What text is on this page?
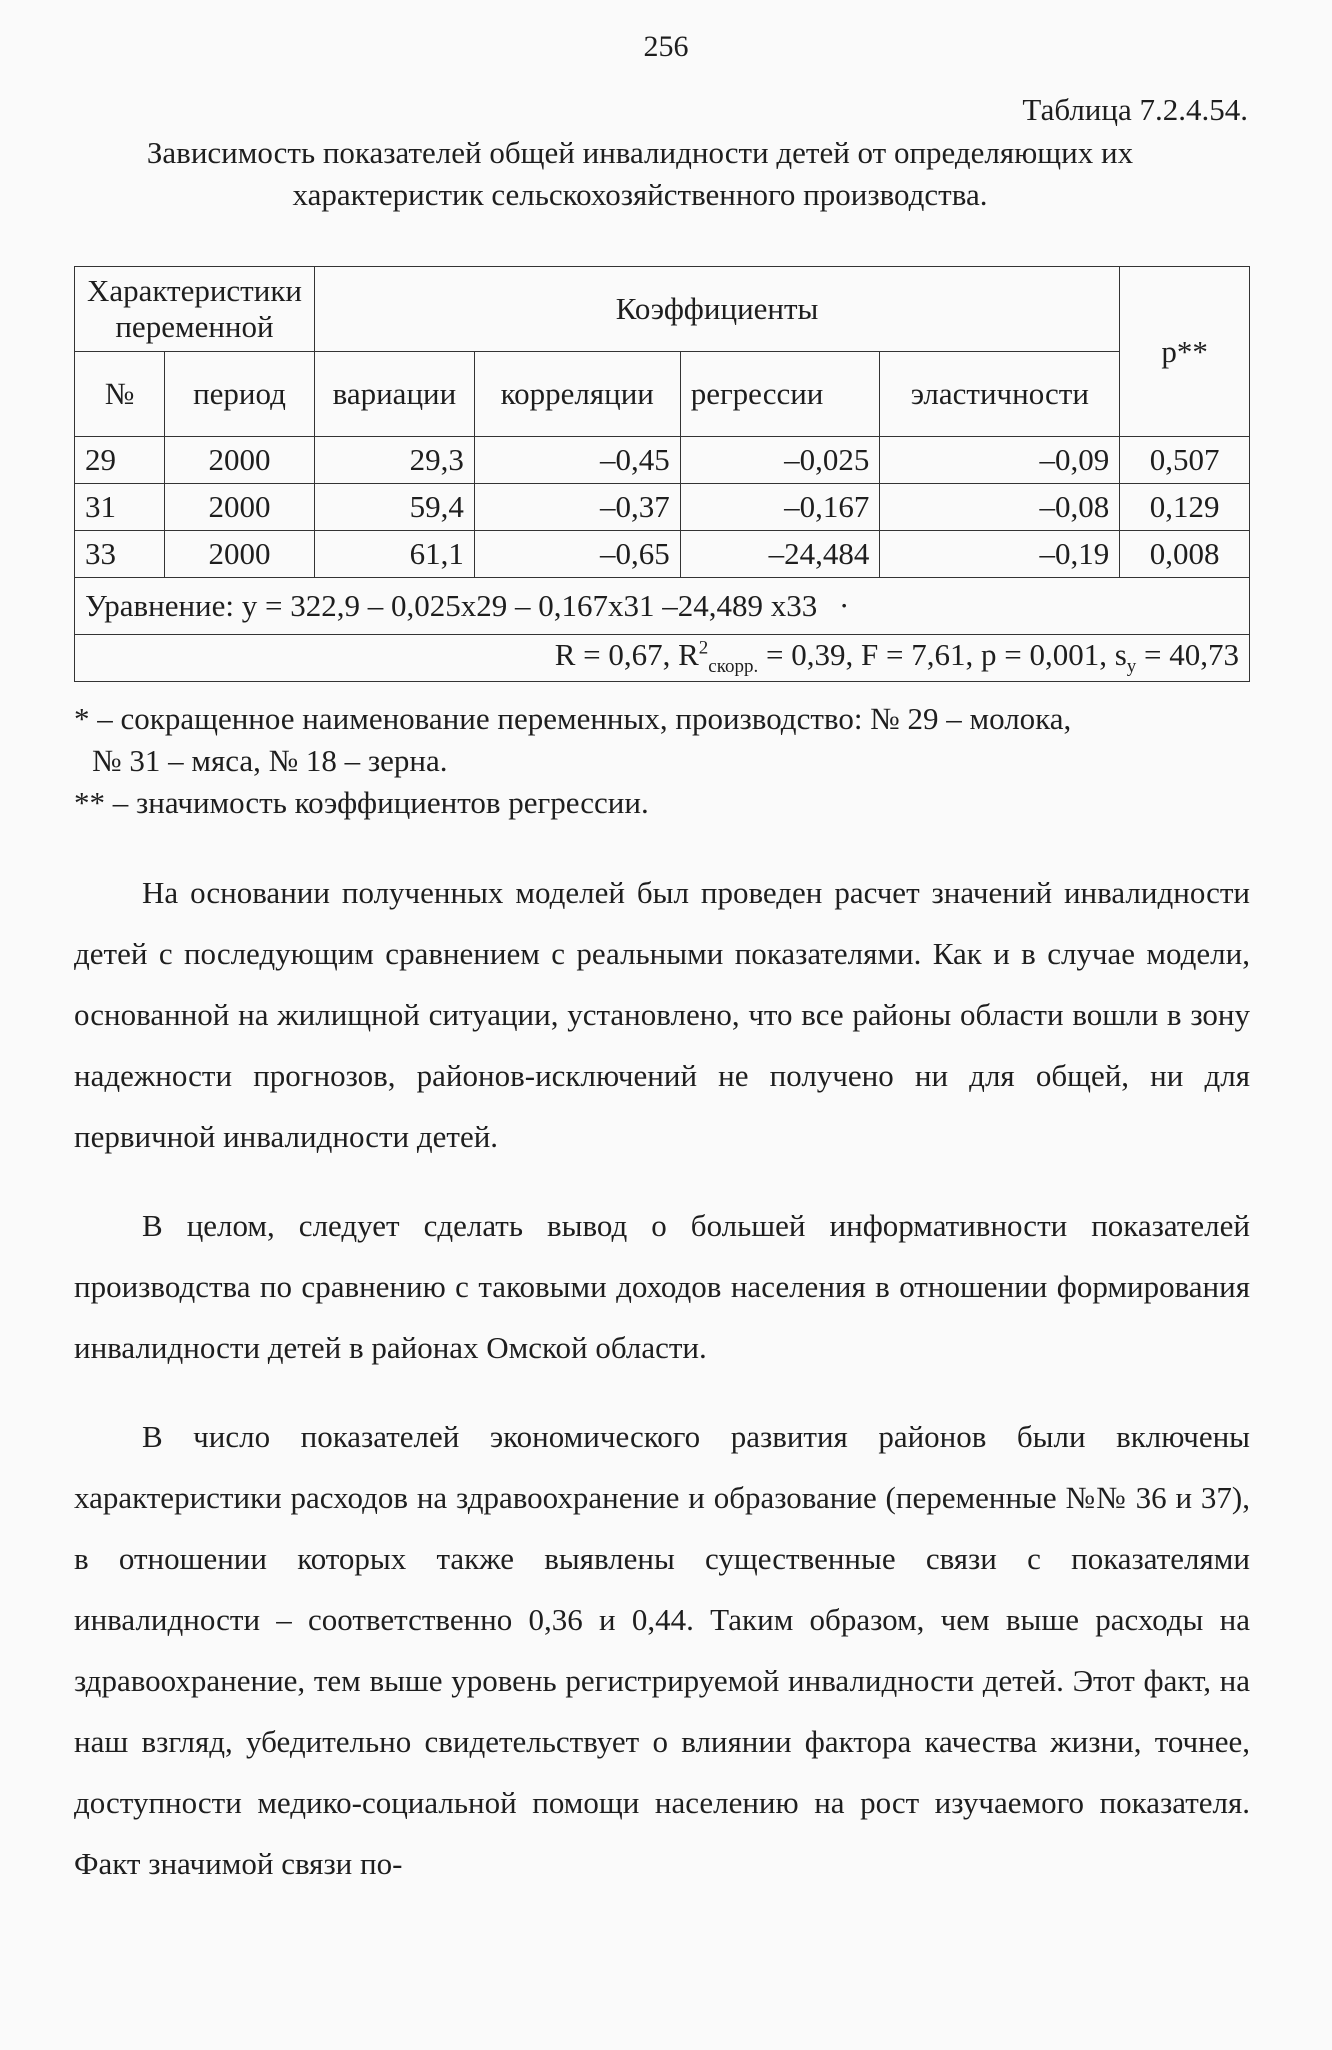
256
Таблица 7.2.4.54.
Зависимость показателей общей инвалидности детей от определяющих их характеристик сельскохозяйственного производства.
Характеристики переменной		Коэффициенты				p**
№	период	вариации	корреляции	регрессии	эластичности	
29	2000	29,3	–0,45	–0,025	–0,09	0,507
31	2000	59,4	–0,37	–0,167	–0,08	0,129
33	2000	61,1	–0,65	–24,484	–0,19	0,008
Уравнение: y = 322,9 – 0,025x29 – 0,167x31 –24,489 x33 ·						
R = 0,67, $R^2_{скорр.} = 0,39$, F = 7,61, p = 0,001, $s_y = 40,73$						

* – сокращенное наименование переменных, производство: № 29 – молока,

№ 31 – мяса, № 18 – зерна.

** – значимость коэффициентов регрессии.

На основании полученных моделей был проведен расчет значений инвалидности детей с последующим сравнением с реальными показателями. Как и в случае модели, основанной на жилищной ситуации, установлено, что все районы области вошли в зону надежности прогнозов, районов-исключений не получено ни для общей, ни для первичной инвалидности детей.

В целом, следует сделать вывод о большей информативности показателей производства по сравнению с таковыми доходов населения в отношении формирования инвалидности детей в районах Омской области.

В число показателей экономического развития районов были включены характеристики расходов на здравоохранение и образование (переменные №№ 36 и 37), в отношении которых также выявлены существенные связи с показателями инвалидности – соответственно 0,36 и 0,44. Таким образом, чем выше расходы на здравоохранение, тем выше уровень регистрируемой инвалидности детей. Этот факт, на наш взгляд, убедительно свидетельствует о влиянии фактора качества жизни, точнее, доступности медико-социальной помощи населению на рост изучаемого показателя. Факт значимой связи по-
